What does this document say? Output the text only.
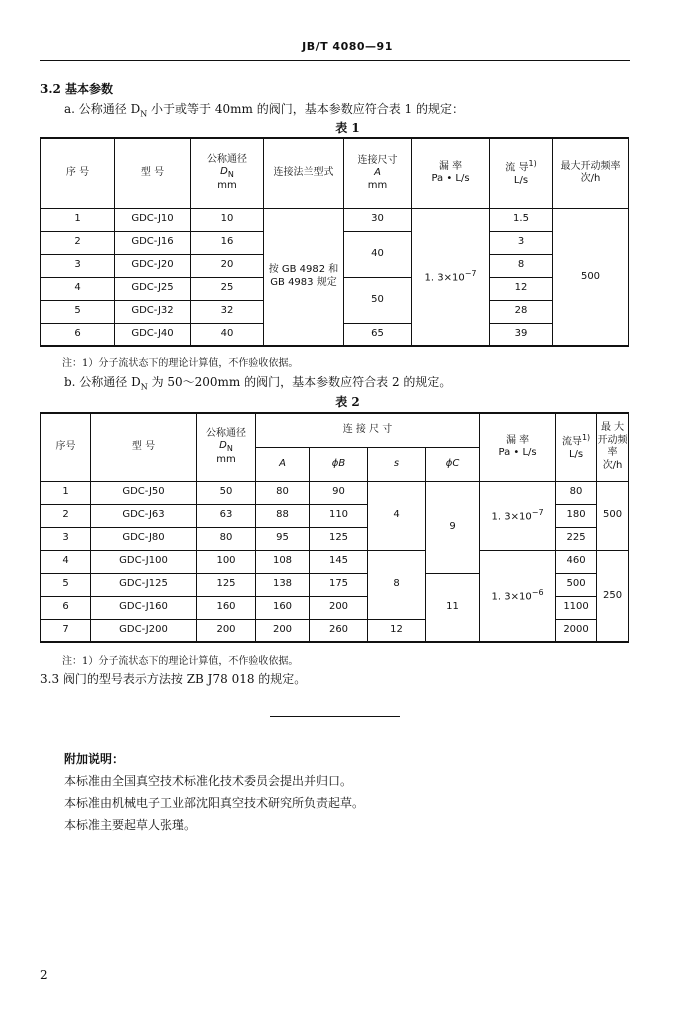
JB/T 4080—91
3.2 基本参数
a. 公称通径 $D_N$ 小于或等于 40mm 的阀门，基本参数应符合表 1 的规定：
表 1
序 号	型 号	公称通径
$D_N$
mm	连接法兰型式	连接尺寸
A
mm	漏 率
Pa • L/s	流 导$^{1)}$
L/s	最大开动频率
次/h
1	GDC-J10	10	按 GB 4982 和
GB 4983 规定	30	1. $3\times 10^{-7}$	1.5	500
2	GDC-J16	16		40		3	
3	GDC-J20	20				8	
4	GDC-J25	25		50		12	
5	GDC-J32	32				28	
6	GDC-J40	40		65		39	
注：1）分子流状态下的理论计算值，不作验收依据。
b. 公称通径 $D_N$ 为 50～200mm 的阀门，基本参数应符合表 2 的规定。
表 2
序号	型 号	公称通径
$D_N$
mm	连 接 尺 寸				漏 率
Pa • L/s	流导$^{1)}$
L/s	最 大
开动频率
次/h
			A	ϕB	s	ϕC			
1	GDC-J50	50	80	90	4	9	1. $3\times 10^{-7}$	80	500
2	GDC-J63	63	88	110				180	
3	GDC-J80	80	95	125				225	
4	GDC-J100	100	108	145	8		1. $3\times 10^{-6}$	460	250
5	GDC-J125	125	138	175		11		500	
6	GDC-J160	160	160	200				1100	
7	GDC-J200	200	200	260	12			2000	
注：1）分子流状态下的理论计算值，不作验收依据。
3.3 阀门的型号表示方法按 ZB J78 018 的规定。
附加说明：
本标准由全国真空技术标准化技术委员会提出并归口。
本标准由机械电子工业部沈阳真空技术研究所负责起草。
本标准主要起草人张瑾。
2
